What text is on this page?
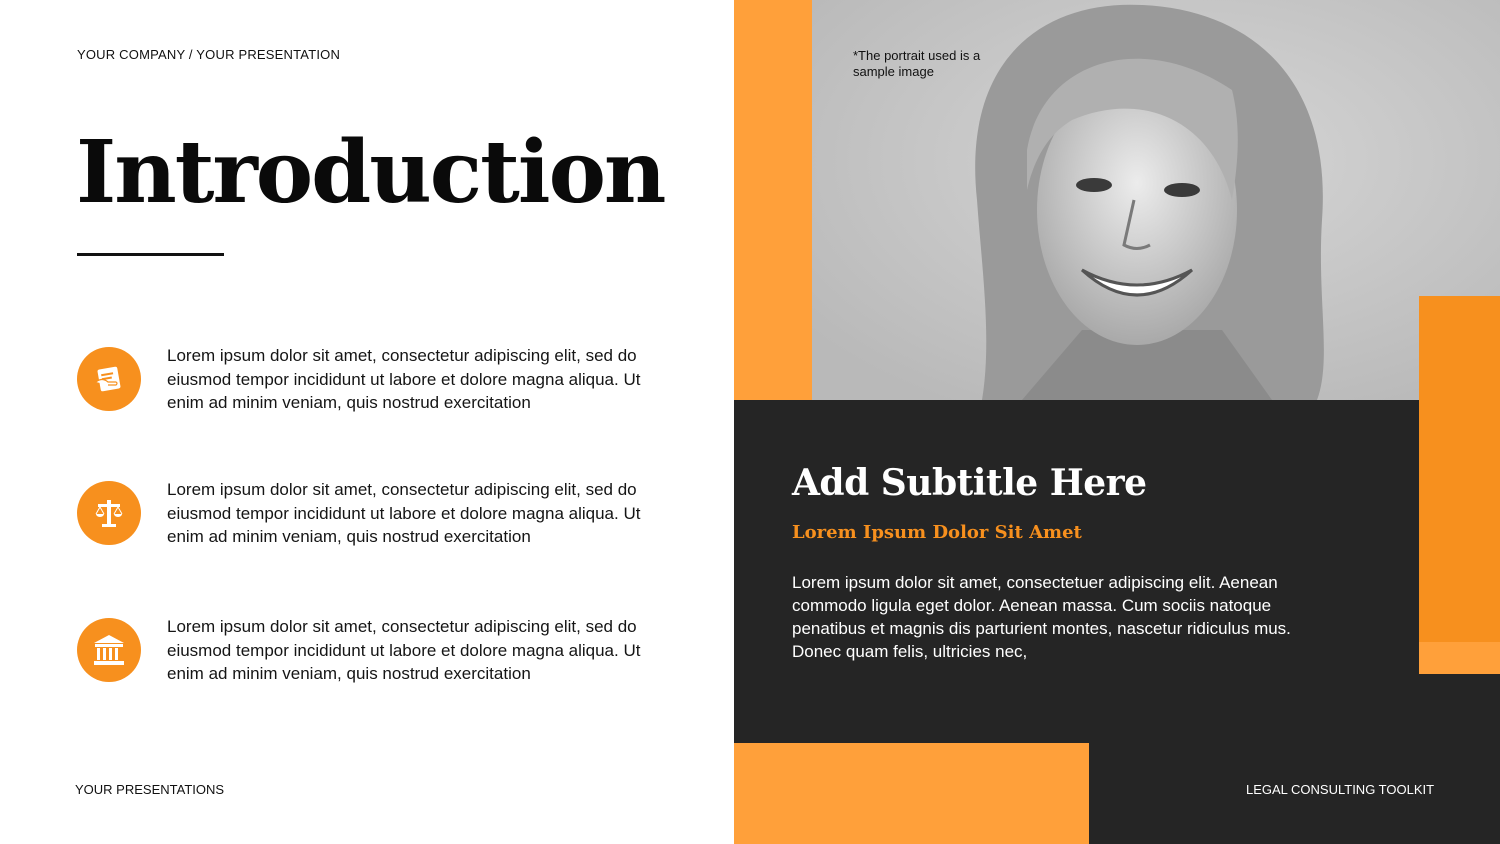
YOUR COMPANY / YOUR PRESENTATION
Introduction
Lorem ipsum dolor sit amet, consectetur adipiscing elit, sed do eiusmod tempor incididunt ut labore et dolore magna aliqua. Ut enim ad minim veniam, quis nostrud exercitation
Lorem ipsum dolor sit amet, consectetur adipiscing elit, sed do eiusmod tempor incididunt ut labore et dolore magna aliqua. Ut enim ad minim veniam, quis nostrud exercitation
Lorem ipsum dolor sit amet, consectetur adipiscing elit, sed do eiusmod tempor incididunt ut labore et dolore magna aliqua. Ut enim ad minim veniam, quis nostrud exercitation
YOUR PRESENTATIONS
*The portrait used is a sample image
Add Subtitle Here
Lorem Ipsum Dolor Sit Amet

Lorem ipsum dolor sit amet, consectetuer adipiscing elit. Aenean commodo ligula eget dolor. Aenean massa. Cum sociis natoque penatibus et magnis dis parturient montes, nascetur ridiculus mus. Donec quam felis, ultricies nec,

LEGAL CONSULTING TOOLKIT
